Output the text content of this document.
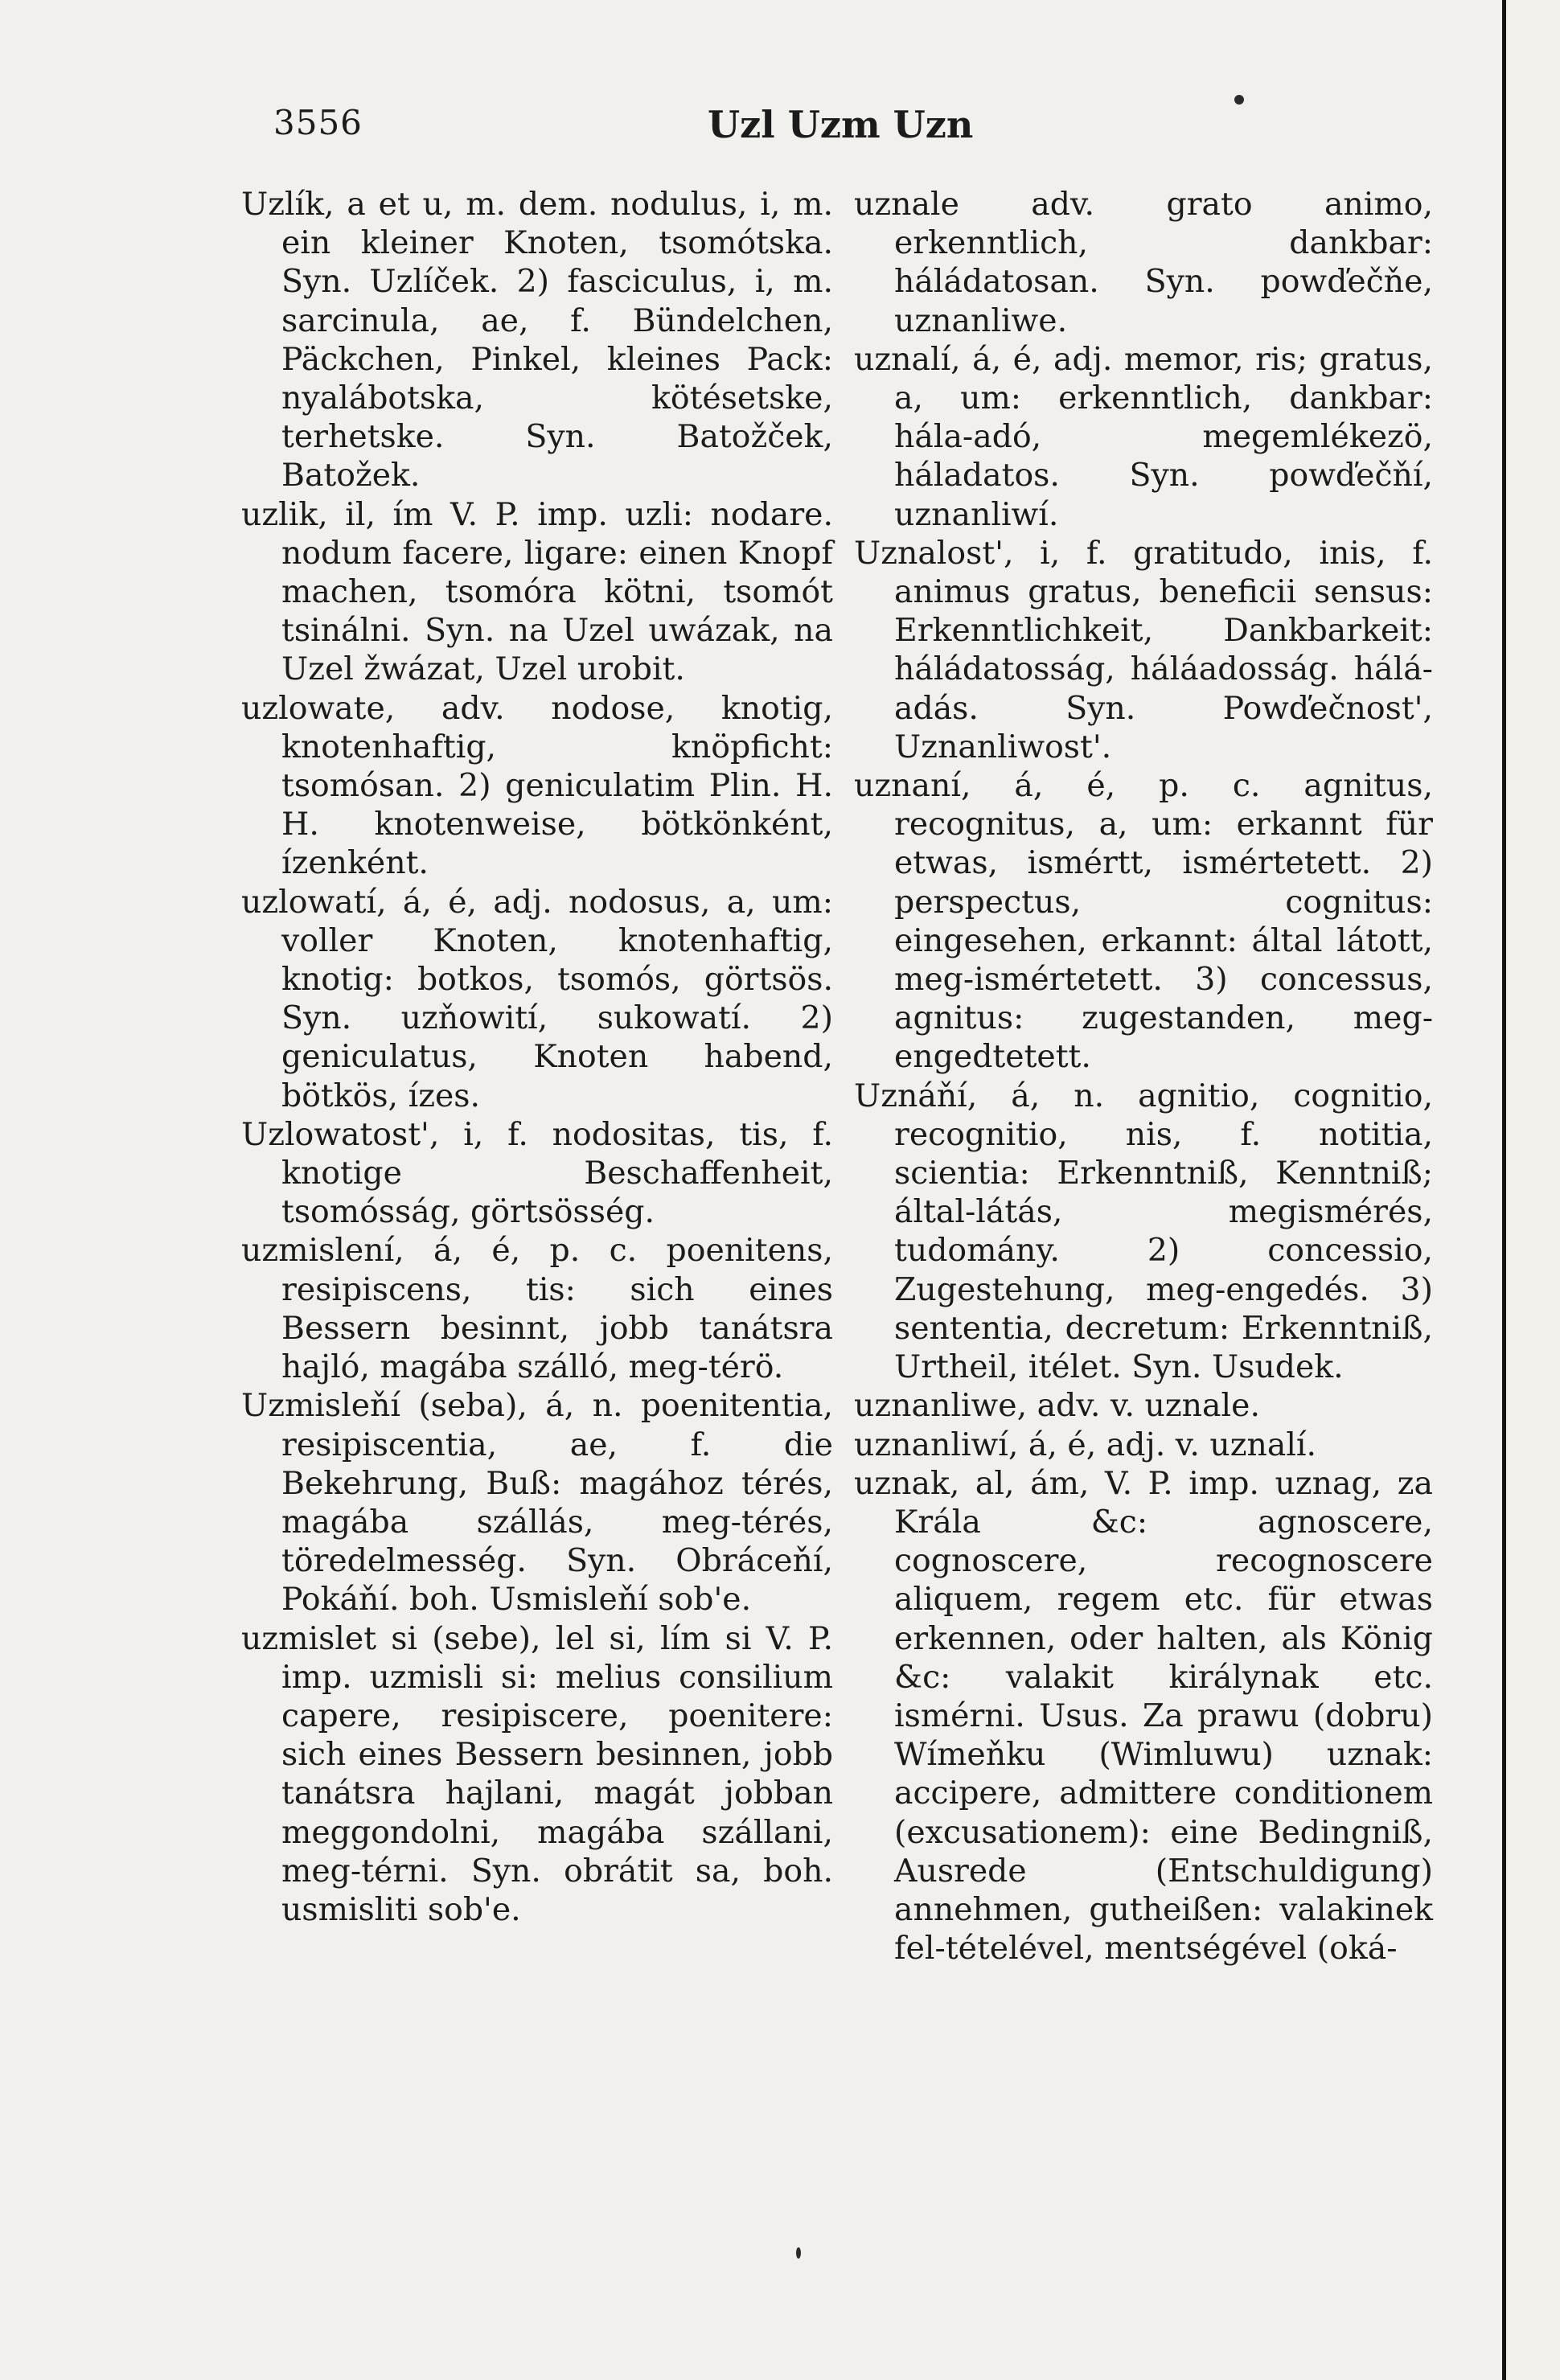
3556	Uzl Uzm Uzn

Uzlík, a et u, m. dem. nodulus, i, m. ein kleiner Knoten, tsomótska. Syn. Uzlíček. 2) fasciculus, i, m. sarcinula, ae, f. Bündelchen, Päckchen, Pinkel, kleines Pack: nyalábotska, kötésetske, terhetske. Syn. Batožček, Batožek.

uzlik, il, ím V. P. imp. uzli: nodare. nodum facere, ligare: einen Knopf machen, tsomóra kötni, tsomót tsinálni. Syn. na Uzel uwázak, na Uzel žwázat, Uzel urobit.

uzlowate, adv. nodose, knotig, knotenhaftig, knöpficht: tsomósan. 2) geniculatim Plin. H. H. knotenweise, bötkönként, ízenként.

uzlowatí, á, é, adj. nodosus, a, um: voller Knoten, knotenhaftig, knotig: botkos, tsomós, görtsös. Syn. uzňowití, sukowatí. 2) geniculatus, Knoten habend, bötkös, ízes.

Uzlowatost', i, f. nodositas, tis, f. knotige Beschaffenheit, tsomósság, görtsösség.

uzmislení, á, é, p. c. poenitens, resipiscens, tis: sich eines Bessern besinnt, jobb tanátsra hajló, magába szálló, meg-térö.

Uzmisleňí (seba), á, n. poenitentia, resipiscentia, ae, f. die Bekehrung, Buß: magához térés, magába szállás, meg-térés, töredelmesség. Syn. Obráceňí, Pokáňí. boh. Usmisleňí sob'e.

uzmislet si (sebe), lel si, lím si V. P. imp. uzmisli si: melius consilium capere, resipiscere, poenitere: sich eines Bessern besinnen, jobb tanátsra hajlani, magát jobban meggondolni, magába szállani, meg-térni. Syn. obrátit sa, boh. usmisliti sob'e.

uznale adv. grato animo, erkenntlich, dankbar: háládatosan. Syn. powďečňe, uznanliwe.

uznalí, á, é, adj. memor, ris; gratus, a, um: erkenntlich, dankbar: hála-adó, megemlékezö, háladatos. Syn. powďečňí, uznanliwí.

Uznalost', i, f. gratitudo, inis, f. animus gratus, beneficii sensus: Erkenntlichkeit, Dankbarkeit: háládatosság, háláadosság. hálá-adás. Syn. Powďečnost', Uznanliwost'.

uznaní, á, é, p. c. agnitus, recognitus, a, um: erkannt für etwas, ismértt, ismértetett. 2) perspectus, cognitus: eingesehen, erkannt: által látott, meg-ismértetett. 3) concessus, agnitus: zugestanden, meg-engedtetett.

Uznáňí, á, n. agnitio, cognitio, recognitio, nis, f. notitia, scientia: Erkenntniß, Kenntniß; által-látás, megismérés, tudomány. 2) concessio, Zugestehung, meg-engedés. 3) sententia, decretum: Erkenntniß, Urtheil, itélet. Syn. Usudek.

uznanliwe, adv. v. uznale.

uznanliwí, á, é, adj. v. uznalí.

uznak, al, ám, V. P. imp. uznag, za Krála &c: agnoscere, cognoscere, recognoscere aliquem, regem etc. für etwas erkennen, oder halten, als König &c: valakit királynak etc. ismérni. Usus. Za prawu (dobru) Wímeňku (Wimluwu) uznak: accipere, admittere conditionem (excusationem): eine Bedingniß, Ausrede (Entschuldigung) annehmen, gutheißen: valakinek fel-tételével, mentségével (oká-
